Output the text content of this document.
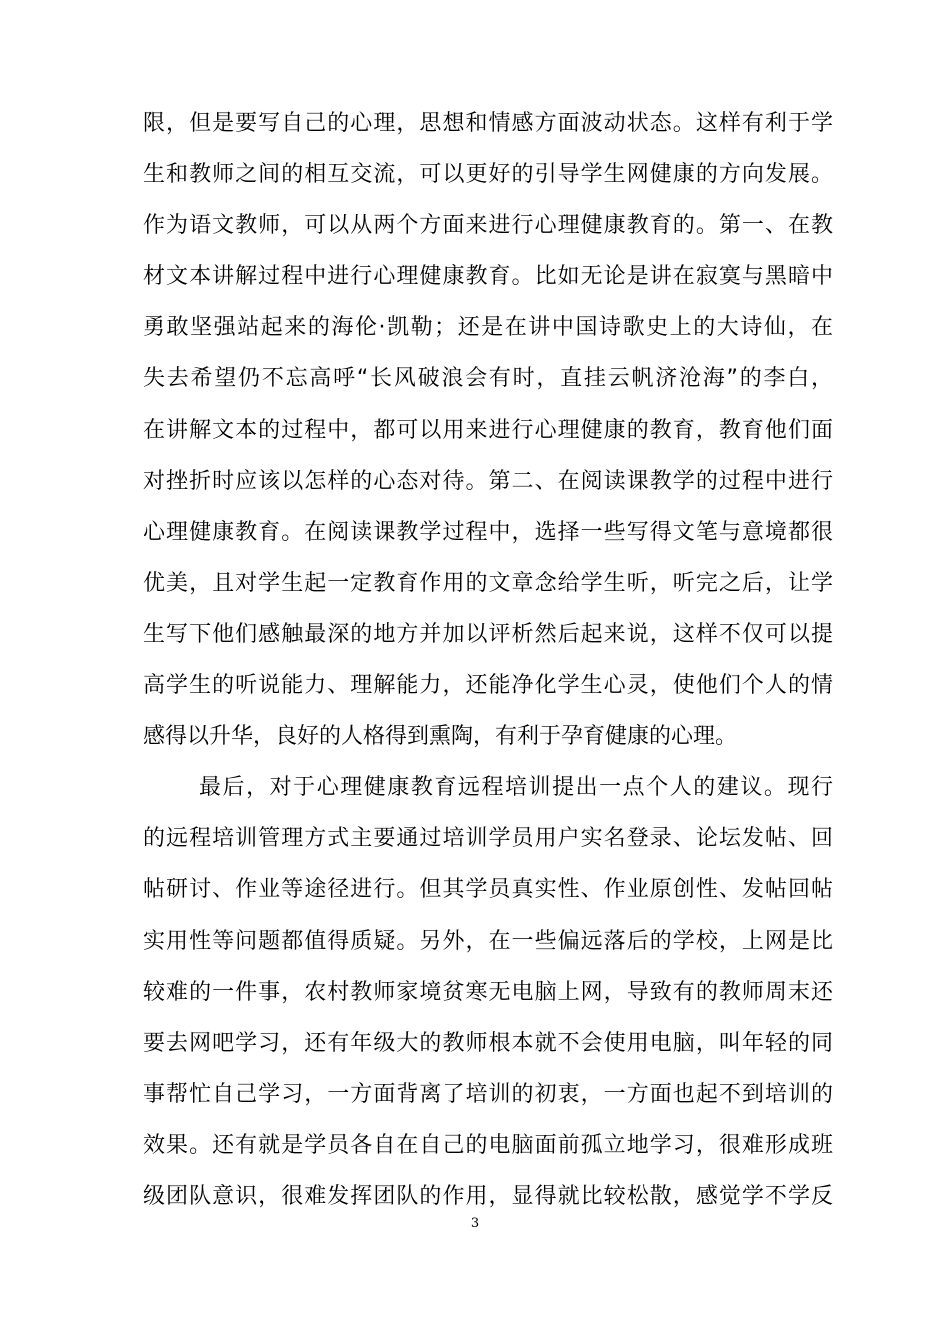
限，但是要写自己的心理，思想和情感方面波动状态。这样有利于学
生和教师之间的相互交流，可以更好的引导学生网健康的方向发展。
作为语文教师，可以从两个方面来进行心理健康教育的。第一、在教
材文本讲解过程中进行心理健康教育。比如无论是讲在寂寞与黑暗中
勇敢坚强站起来的海伦·凯勒；还是在讲中国诗歌史上的大诗仙，在
失去希望仍不忘高呼“长风破浪会有时，直挂云帆济沧海”的李白，
在讲解文本的过程中，都可以用来进行心理健康的教育，教育他们面
对挫折时应该以怎样的心态对待。第二、在阅读课教学的过程中进行
心理健康教育。在阅读课教学过程中，选择一些写得文笔与意境都很
优美，且对学生起一定教育作用的文章念给学生听，听完之后，让学
生写下他们感触最深的地方并加以评析然后起来说，这样不仅可以提
高学生的听说能力、理解能力，还能净化学生心灵，使他们个人的情
感得以升华，良好的人格得到熏陶，有利于孕育健康的心理。
最后，对于心理健康教育远程培训提出一点个人的建议。现行
的远程培训管理方式主要通过培训学员用户实名登录、论坛发帖、回
帖研讨、作业等途径进行。但其学员真实性、作业原创性、发帖回帖
实用性等问题都值得质疑。另外，在一些偏远落后的学校，上网是比
较难的一件事，农村教师家境贫寒无电脑上网，导致有的教师周末还
要去网吧学习，还有年级大的教师根本就不会使用电脑，叫年轻的同
事帮忙自己学习，一方面背离了培训的初衷，一方面也起不到培训的
效果。还有就是学员各自在自己的电脑面前孤立地学习，很难形成班
级团队意识，很难发挥团队的作用，显得就比较松散，感觉学不学反
3
